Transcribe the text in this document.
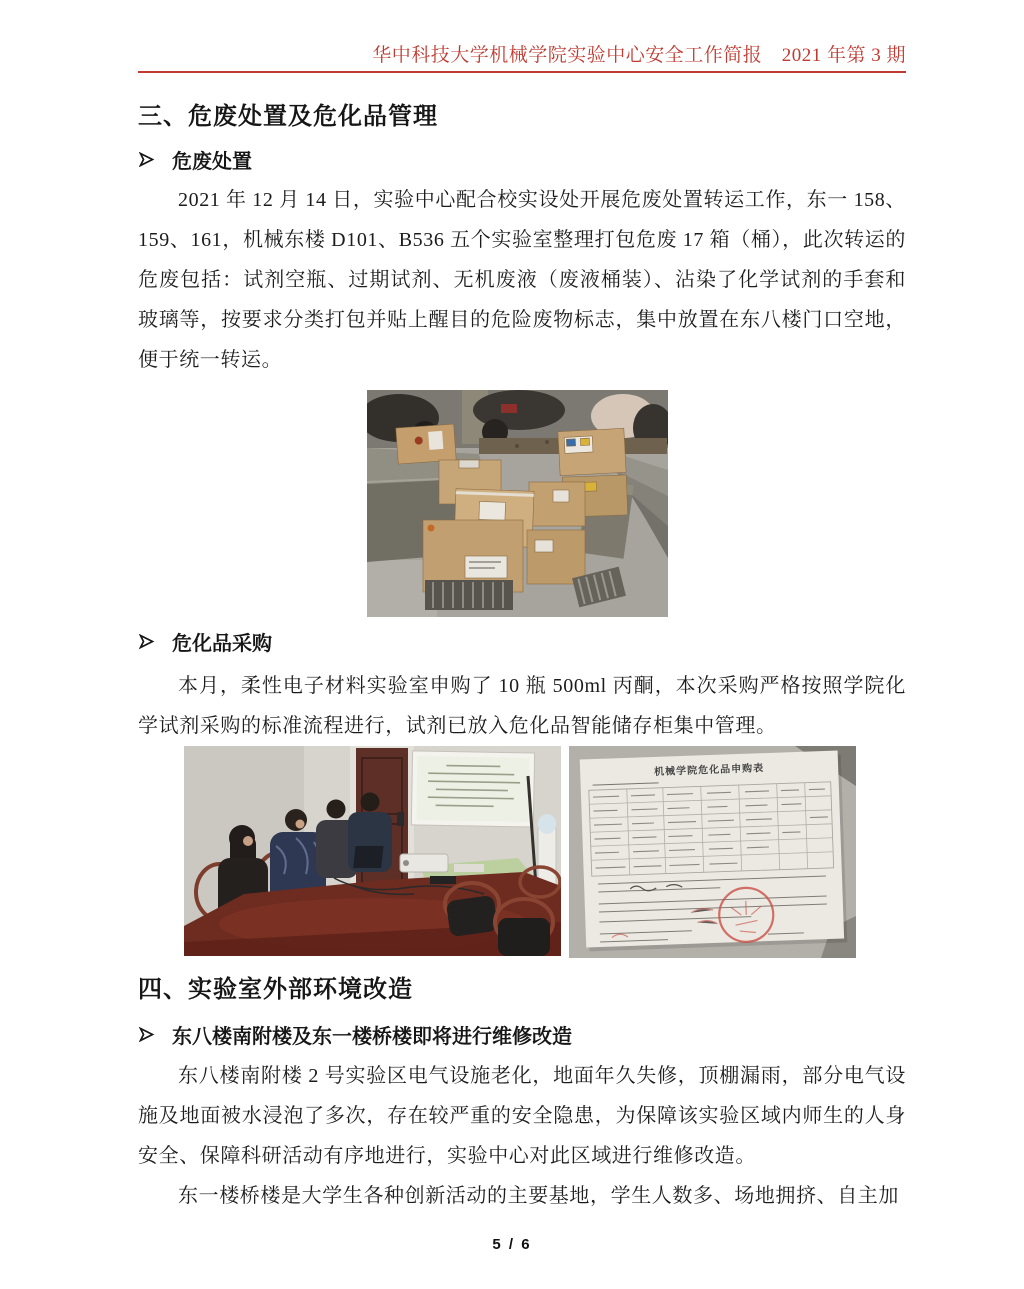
华中科技大学机械学院实验中心安全工作简报　2021 年第 3 期
三、危废处置及危化品管理
危废处置

2021 年 12 月 14 日，实验中心配合校实设处开展危废处置转运工作，东一 158、159、161，机械东楼 D101、B536 五个实验室整理打包危废 17 箱（桶），此次转运的危废包括：试剂空瓶、过期试剂、无机废液（废液桶装）、沾染了化学试剂的手套和玻璃等，按要求分类打包并贴上醒目的危险废物标志，集中放置在东八楼门口空地，便于统一转运。

危化品采购

本月，柔性电子材料实验室申购了 10 瓶 500ml 丙酮，本次采购严格按照学院化学试剂采购的标准流程进行，试剂已放入危化品智能储存柜集中管理。

机械学院危化品申购表
四、实验室外部环境改造
东八楼南附楼及东一楼桥楼即将进行维修改造

东八楼南附楼 2 号实验区电气设施老化，地面年久失修，顶棚漏雨，部分电气设施及地面被水浸泡了多次，存在较严重的安全隐患，为保障该实验区域内师生的人身安全、保障科研活动有序地进行，实验中心对此区域进行维修改造。

东一楼桥楼是大学生各种创新活动的主要基地，学生人数多、场地拥挤、自主加

5 / 6
